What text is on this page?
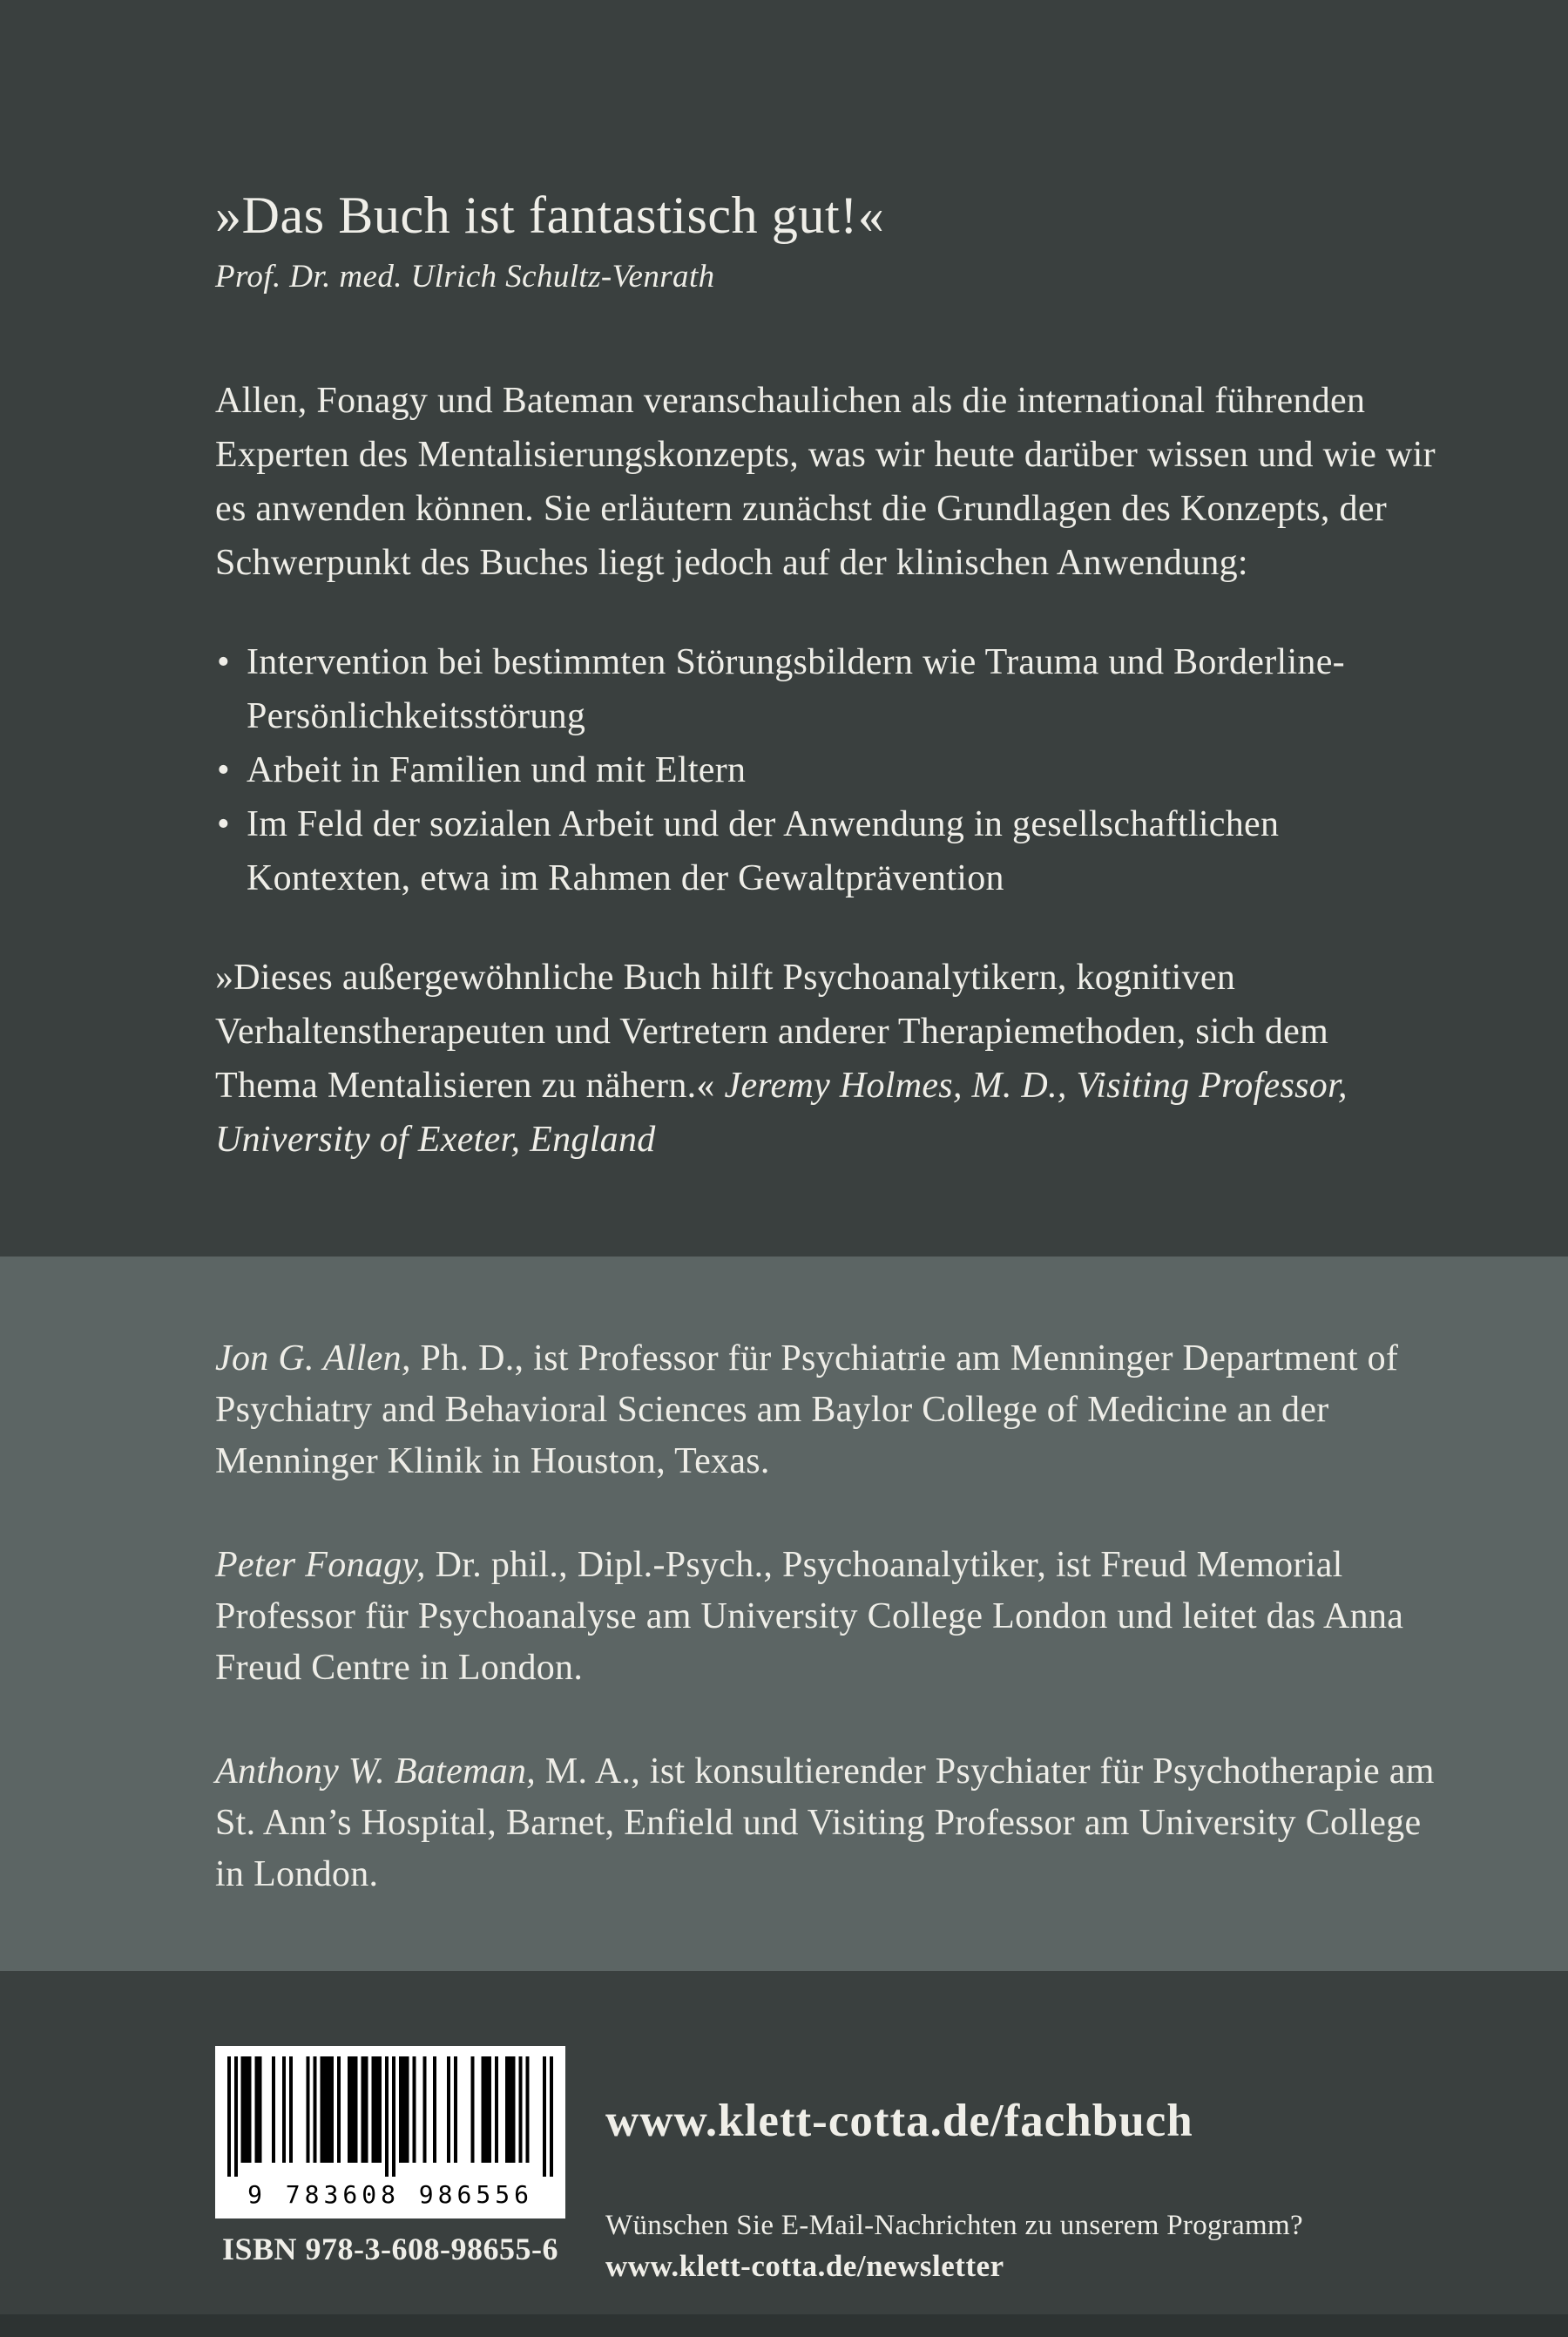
»Das Buch ist fantastisch gut!«

Prof. Dr. med. Ulrich Schultz-Venrath

Allen, Fonagy und Bateman veranschaulichen als die international führenden Experten des Mentalisierungskonzepts, was wir heute darüber wissen und wie wir es anwenden können. Sie erläutern zunächst die Grundlagen des Konzepts, der Schwerpunkt des Buches liegt jedoch auf der klinischen Anwendung:

• Intervention bei bestimmten Störungsbildern wie Trauma und Borderline-Persönlichkeitsstörung
• Arbeit in Familien und mit Eltern
• Im Feld der sozialen Arbeit und der Anwendung in gesellschaftlichen Kontexten, etwa im Rahmen der Gewaltprävention

»Dieses außergewöhnliche Buch hilft Psychoanalytikern, kognitiven Verhaltenstherapeuten und Vertretern anderer Therapiemethoden, sich dem Thema Mentalisieren zu nähern.« Jeremy Holmes, M. D., Visiting Professor, University of Exeter, England

Jon G. Allen, Ph. D., ist Professor für Psychiatrie am Menninger Department of Psychiatry and Behavioral Sciences am Baylor College of Medicine an der Menninger Klinik in Houston, Texas.

Peter Fonagy, Dr. phil., Dipl.-Psych., Psychoanalytiker, ist Freud Memorial Professor für Psychoanalyse am University College London und leitet das Anna Freud Centre in London.

Anthony W. Bateman, M. A., ist konsultierender Psychiater für Psychotherapie am St. Ann’s Hospital, Barnet, Enfield und Visiting Professor am University College in London.

9 783608 986556
ISBN 978-3-608-98655-6
www.klett-cotta.de/fachbuch
Wünschen Sie E-Mail-Nachrichten zu unserem Programm?
www.klett-cotta.de/newsletter
